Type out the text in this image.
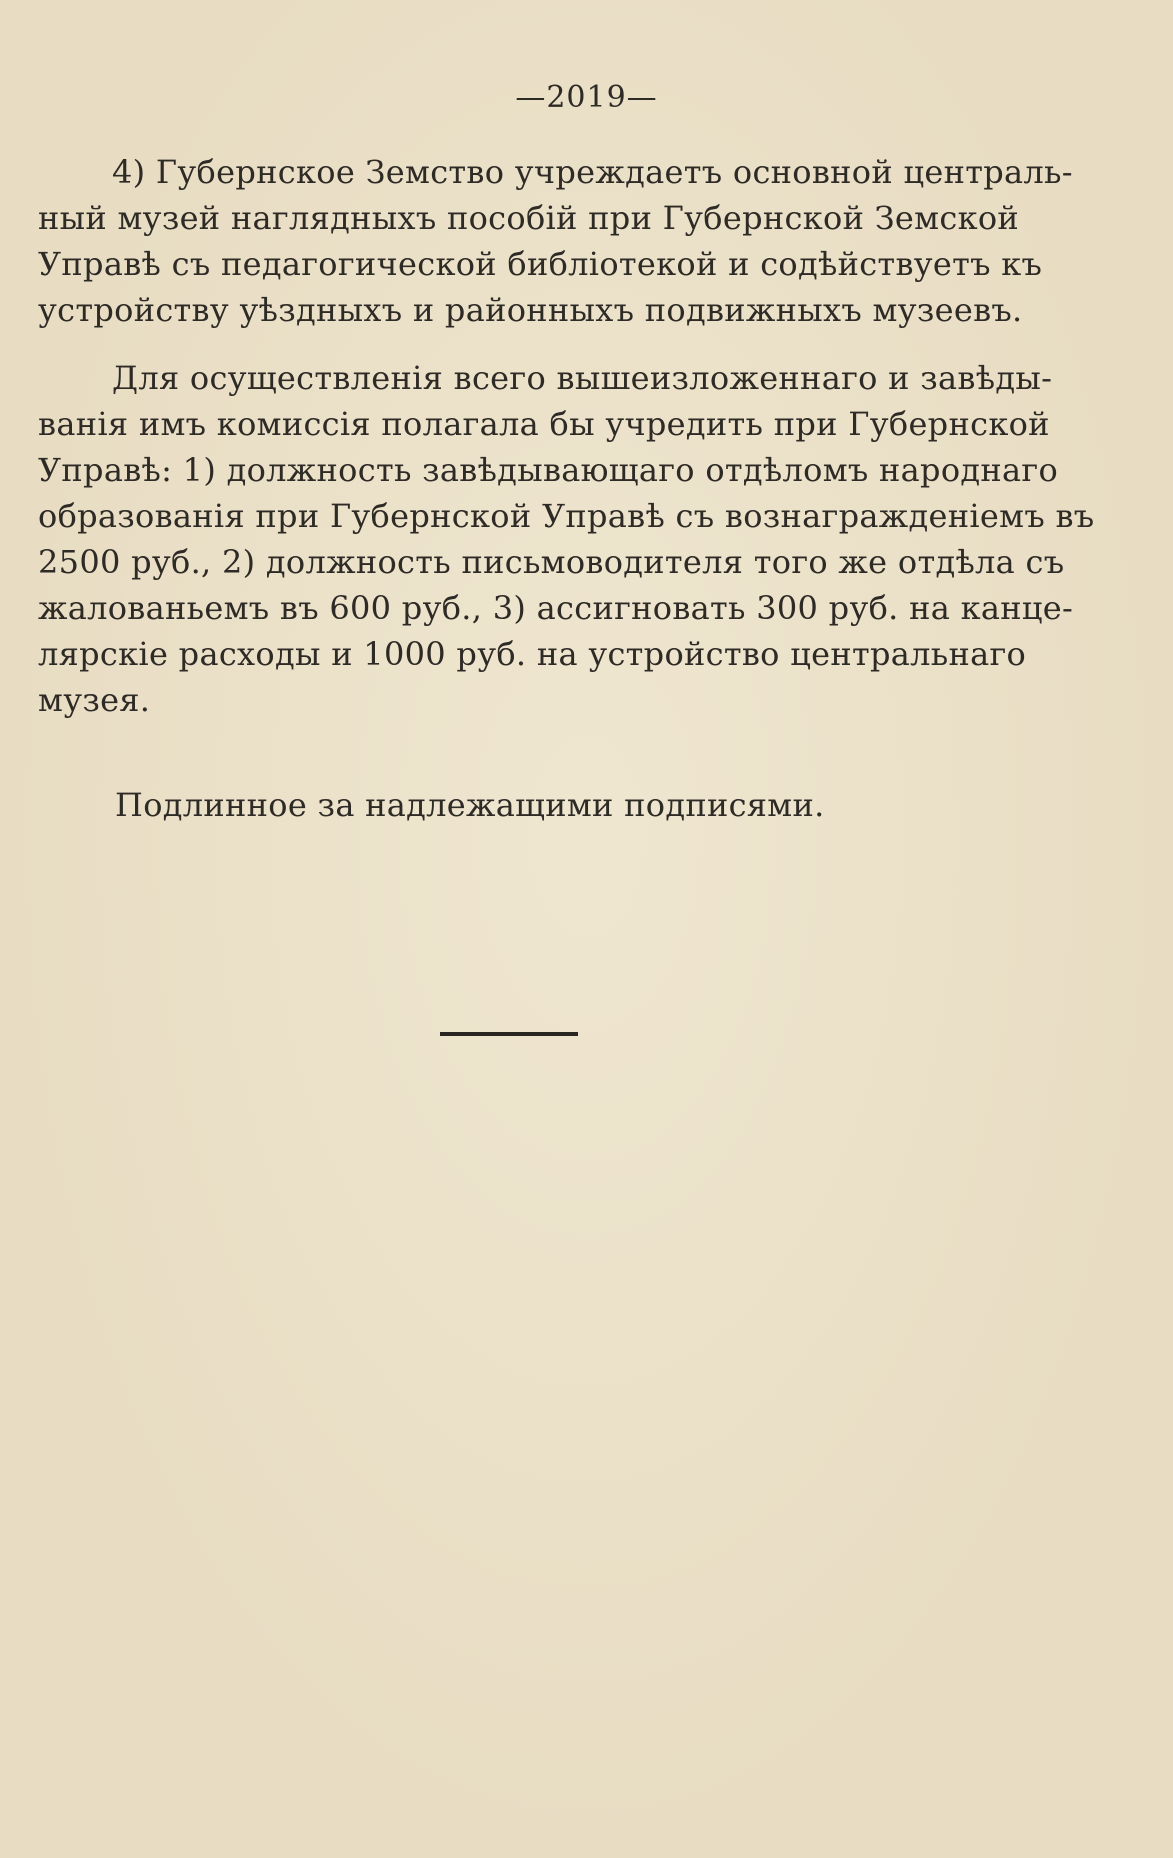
—2019—
4) Губернское Земство учреждаетъ основной централь-
ный музей наглядныхъ пособій при Губернской Земской
Управѣ съ педагогической библіотекой и содѣйствуетъ къ
устройству уѣздныхъ и районныхъ подвижныхъ музеевъ.
Для осуществленія всего вышеизложеннаго и завѣды-
ванія имъ комиссія полагала бы учредить при Губернской
Управѣ: 1) должность завѣдывающаго отдѣломъ народнаго
образованія при Губернской Управѣ съ вознагражденіемъ въ
2500 руб., 2) должность письмоводителя того же отдѣла съ
жалованьемъ въ 600 руб., 3) ассигновать 300 руб. на канце-
лярскіе расходы и 1000 руб. на устройство центральнаго
музея.
Подлинное за надлежащими подписями.
